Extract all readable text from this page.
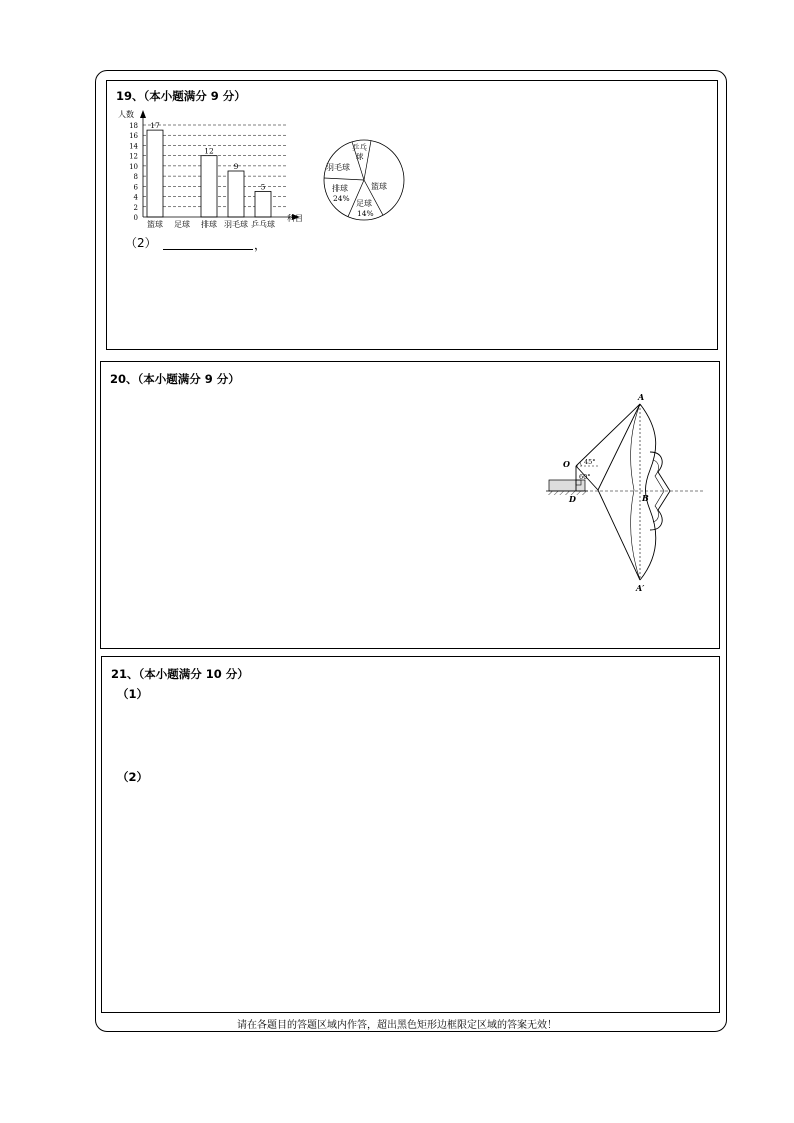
19、（本小题满分 9 分）
0
2
4
6
8
10
12
14
16
18
篮球 足球 排球 羽毛球 乒乓球
17
12
9
5
人数
科目
篮球
乒乓球
羽毛球
排球
24%
足球
14%
（2）	，
20、（本小题满分 9 分）
A
O
D	B
A′
45°
60°
21、（本小题满分 10 分）
（1）
（2）
请在各题目的答题区域内作答，超出黑色矩形边框限定区域的答案无效！
